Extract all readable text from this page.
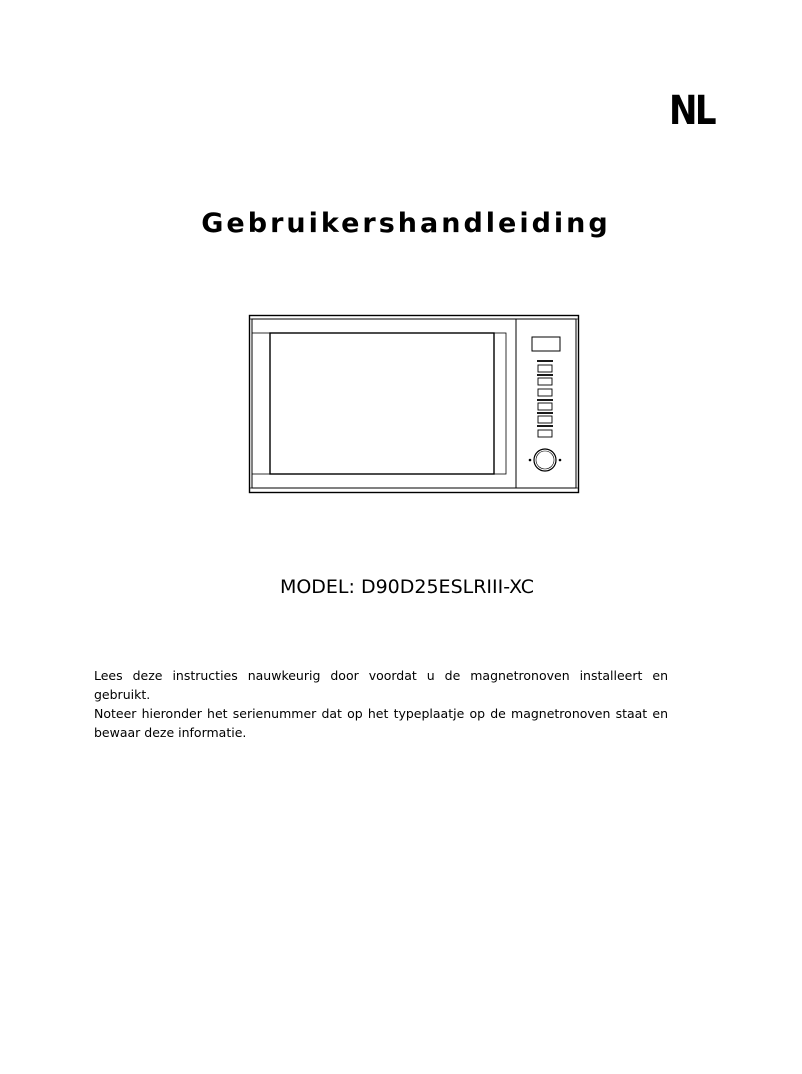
NL
Gebruikershandleiding
MODEL: D90D25ESLRIII-XC

Lees deze instructies nauwkeurig door voordat u de magnetronoven installeert en gebruikt.

Noteer hieronder het serienummer dat op het typeplaatje op de magnetronoven staat en bewaar deze informatie.
